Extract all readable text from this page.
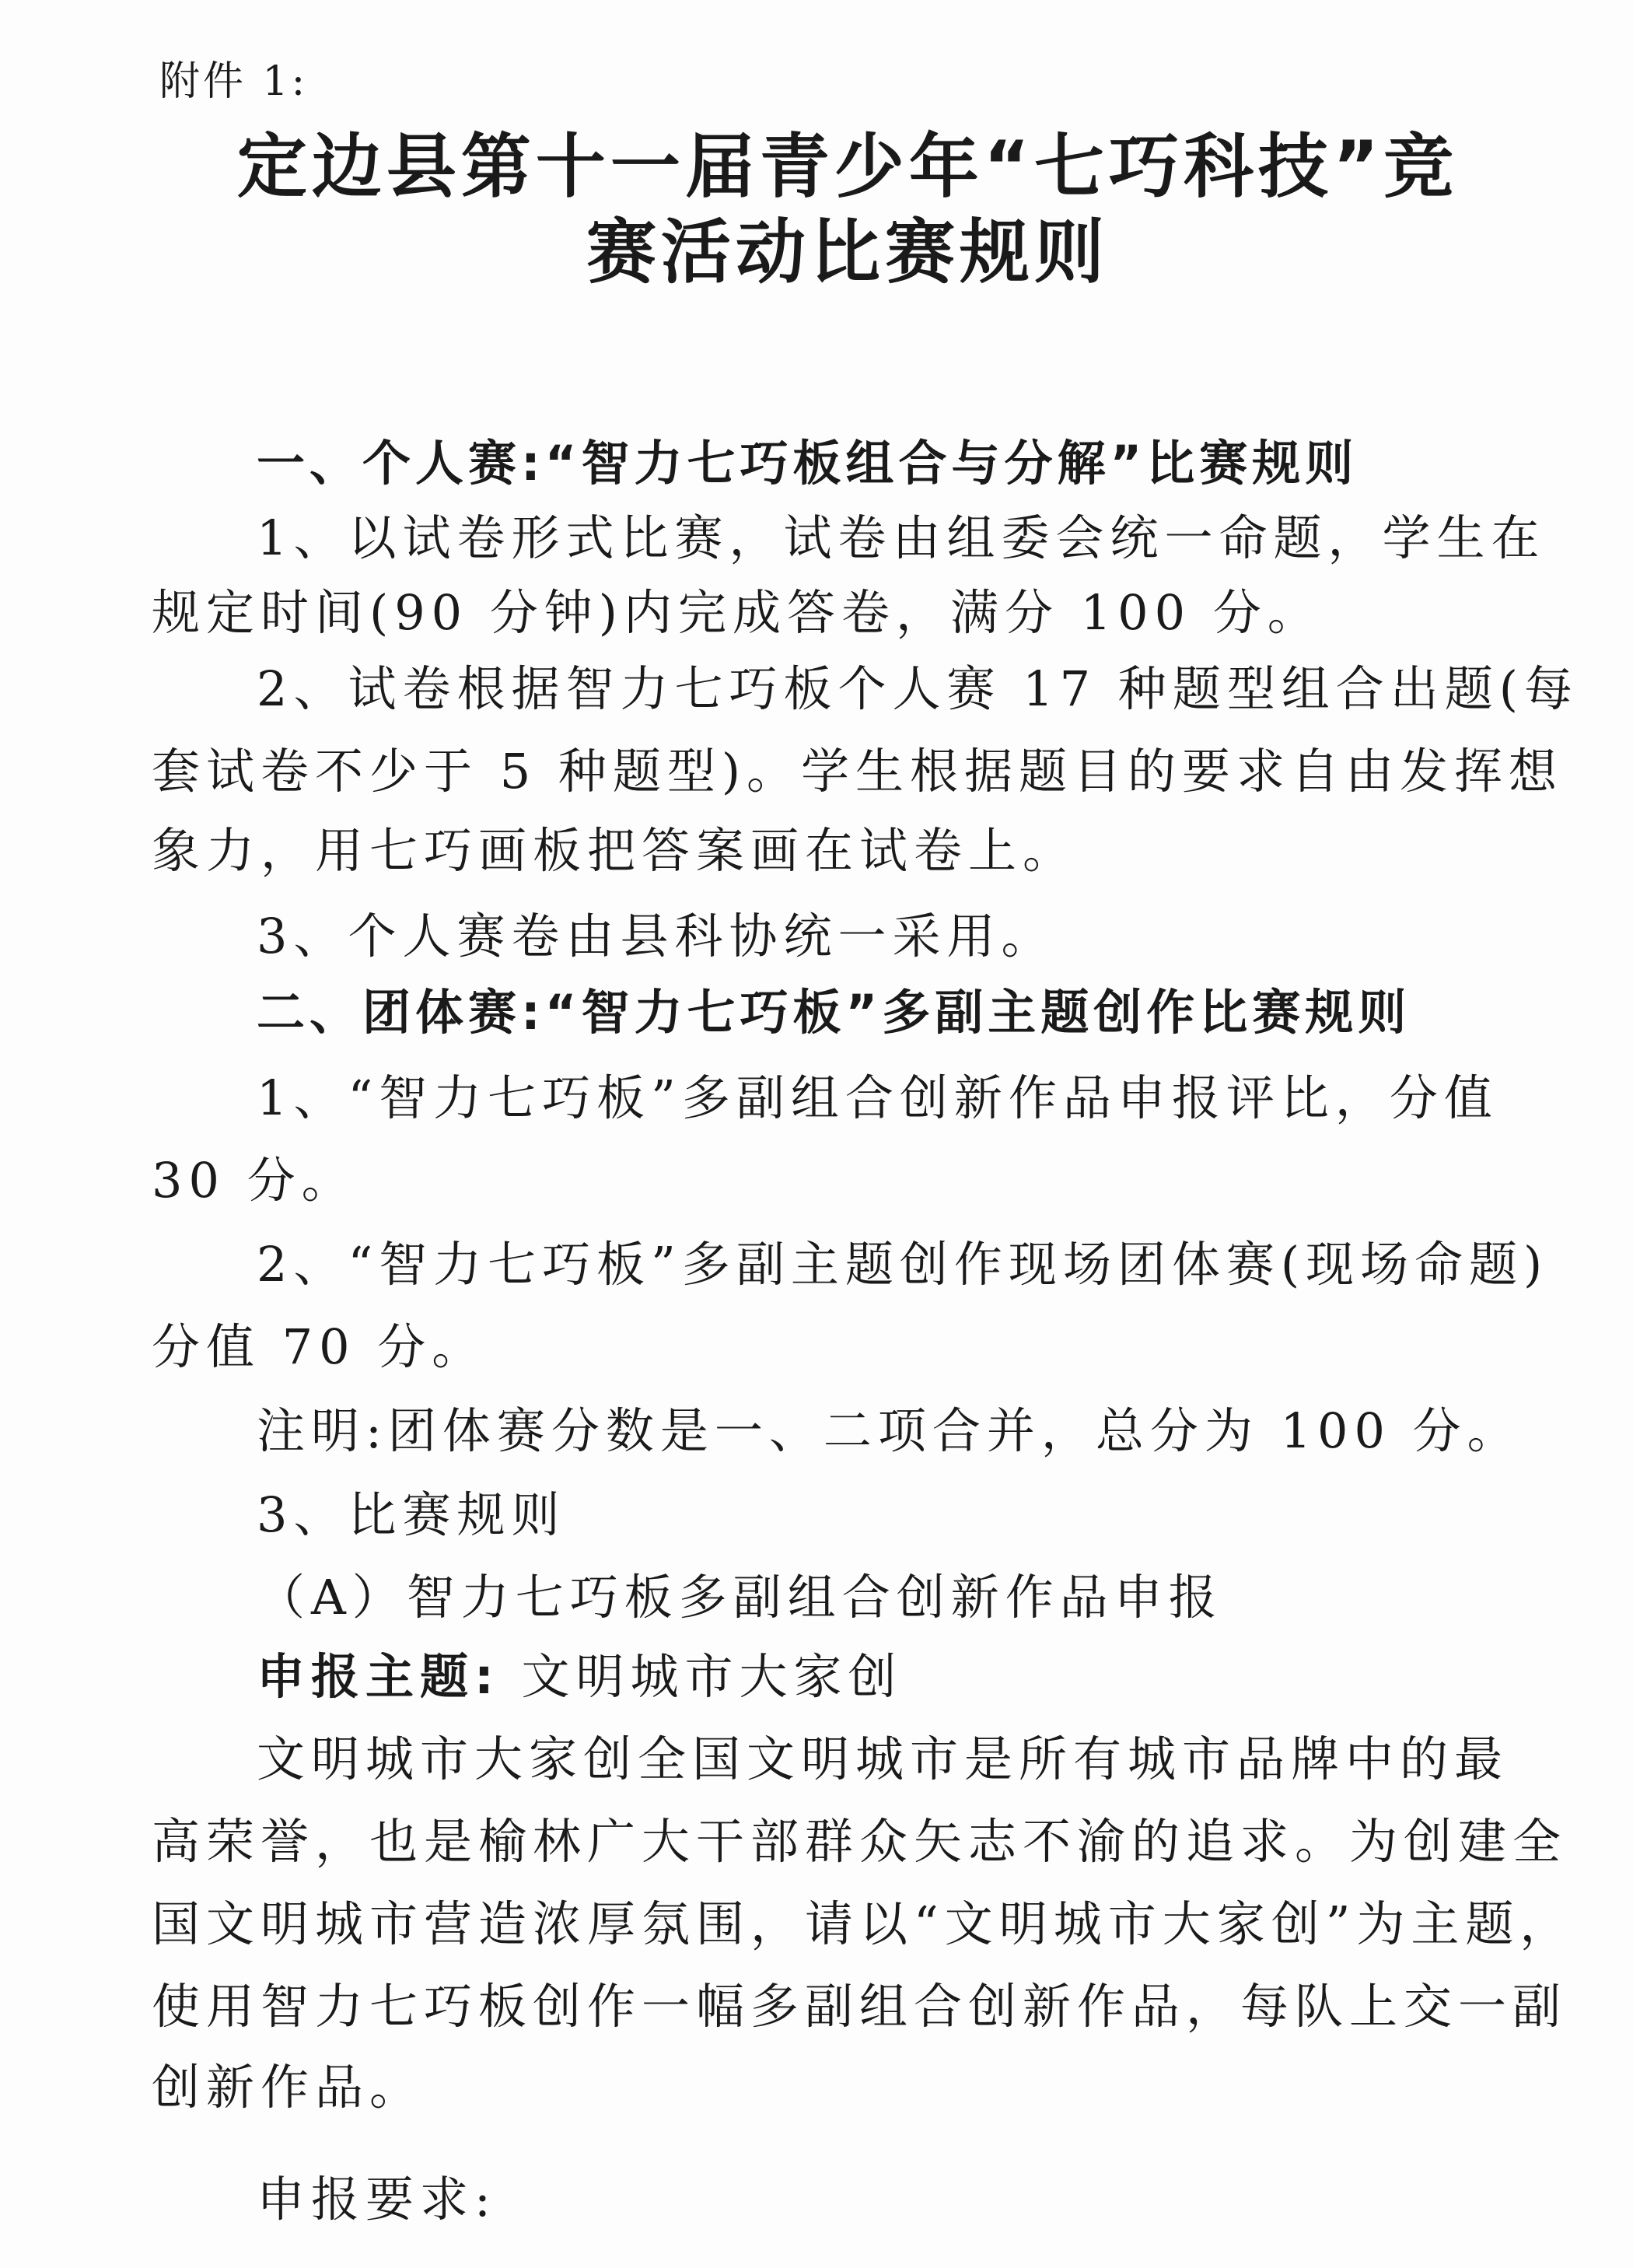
附件 1:
定边县第十一届青少年“七巧科技”竞
赛活动比赛规则
一、个人赛:“智力七巧板组合与分解”比赛规则
1、以试卷形式比赛，试卷由组委会统一命题，学生在
规定时间(90 分钟)内完成答卷，满分 100 分。
2、试卷根据智力七巧板个人赛 17 种题型组合出题(每
套试卷不少于 5 种题型)。学生根据题目的要求自由发挥想
象力，用七巧画板把答案画在试卷上。
3、个人赛卷由县科协统一采用。
二、团体赛:“智力七巧板”多副主题创作比赛规则
1、“智力七巧板”多副组合创新作品申报评比，分值
30 分。
2、“智力七巧板”多副主题创作现场团体赛(现场命题)
分值 70 分。
注明:团体赛分数是一、二项合并，总分为 100 分。
3、比赛规则
（A）智力七巧板多副组合创新作品申报
申报主题: 文明城市大家创
文明城市大家创全国文明城市是所有城市品牌中的最
高荣誉，也是榆林广大干部群众矢志不渝的追求。为创建全
国文明城市营造浓厚氛围，请以“文明城市大家创”为主题，
使用智力七巧板创作一幅多副组合创新作品，每队上交一副
创新作品。
申报要求:
